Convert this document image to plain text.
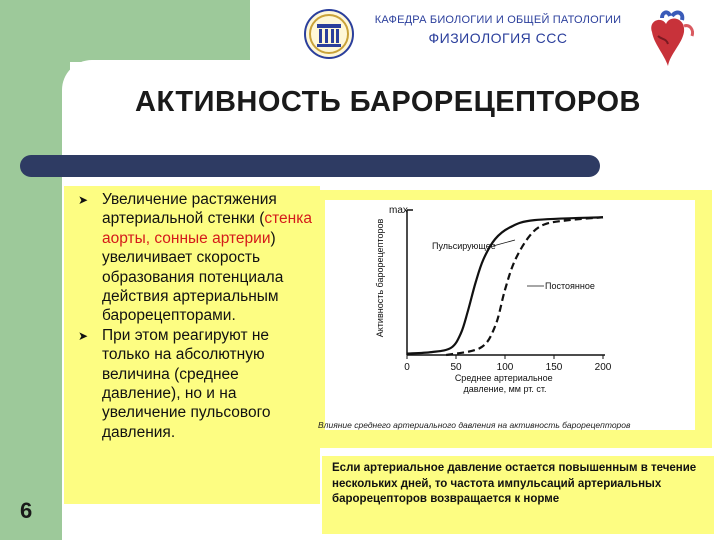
КАФЕДРА БИОЛОГИИ И ОБЩЕЙ ПАТОЛОГИИ
ФИЗИОЛОГИЯ ССС
АКТИВНОСТЬ БАРОРЕЦЕПТОРОВ
➤ Увеличение растяжения артериальной стенки (стенка аорты, сонные артерии) увеличивает скорость образования потенциала действия артериальным барорецепторами.
➤ При этом реагируют не только на абсолютную величина (среднее давление), но и на увеличение пульсового давления.
6
max
Активность барорецепторов
0	50	100	150	200
Среднее артериальное давление, мм рт. ст.
Пульсирующее
Постоянное
Влияние среднего артериального давления на активность барорецепторов
Если артериальное давление остается повышенным в течение нескольких дней, то частота импульсаций артериальных барорецепторов возвращается к норме
